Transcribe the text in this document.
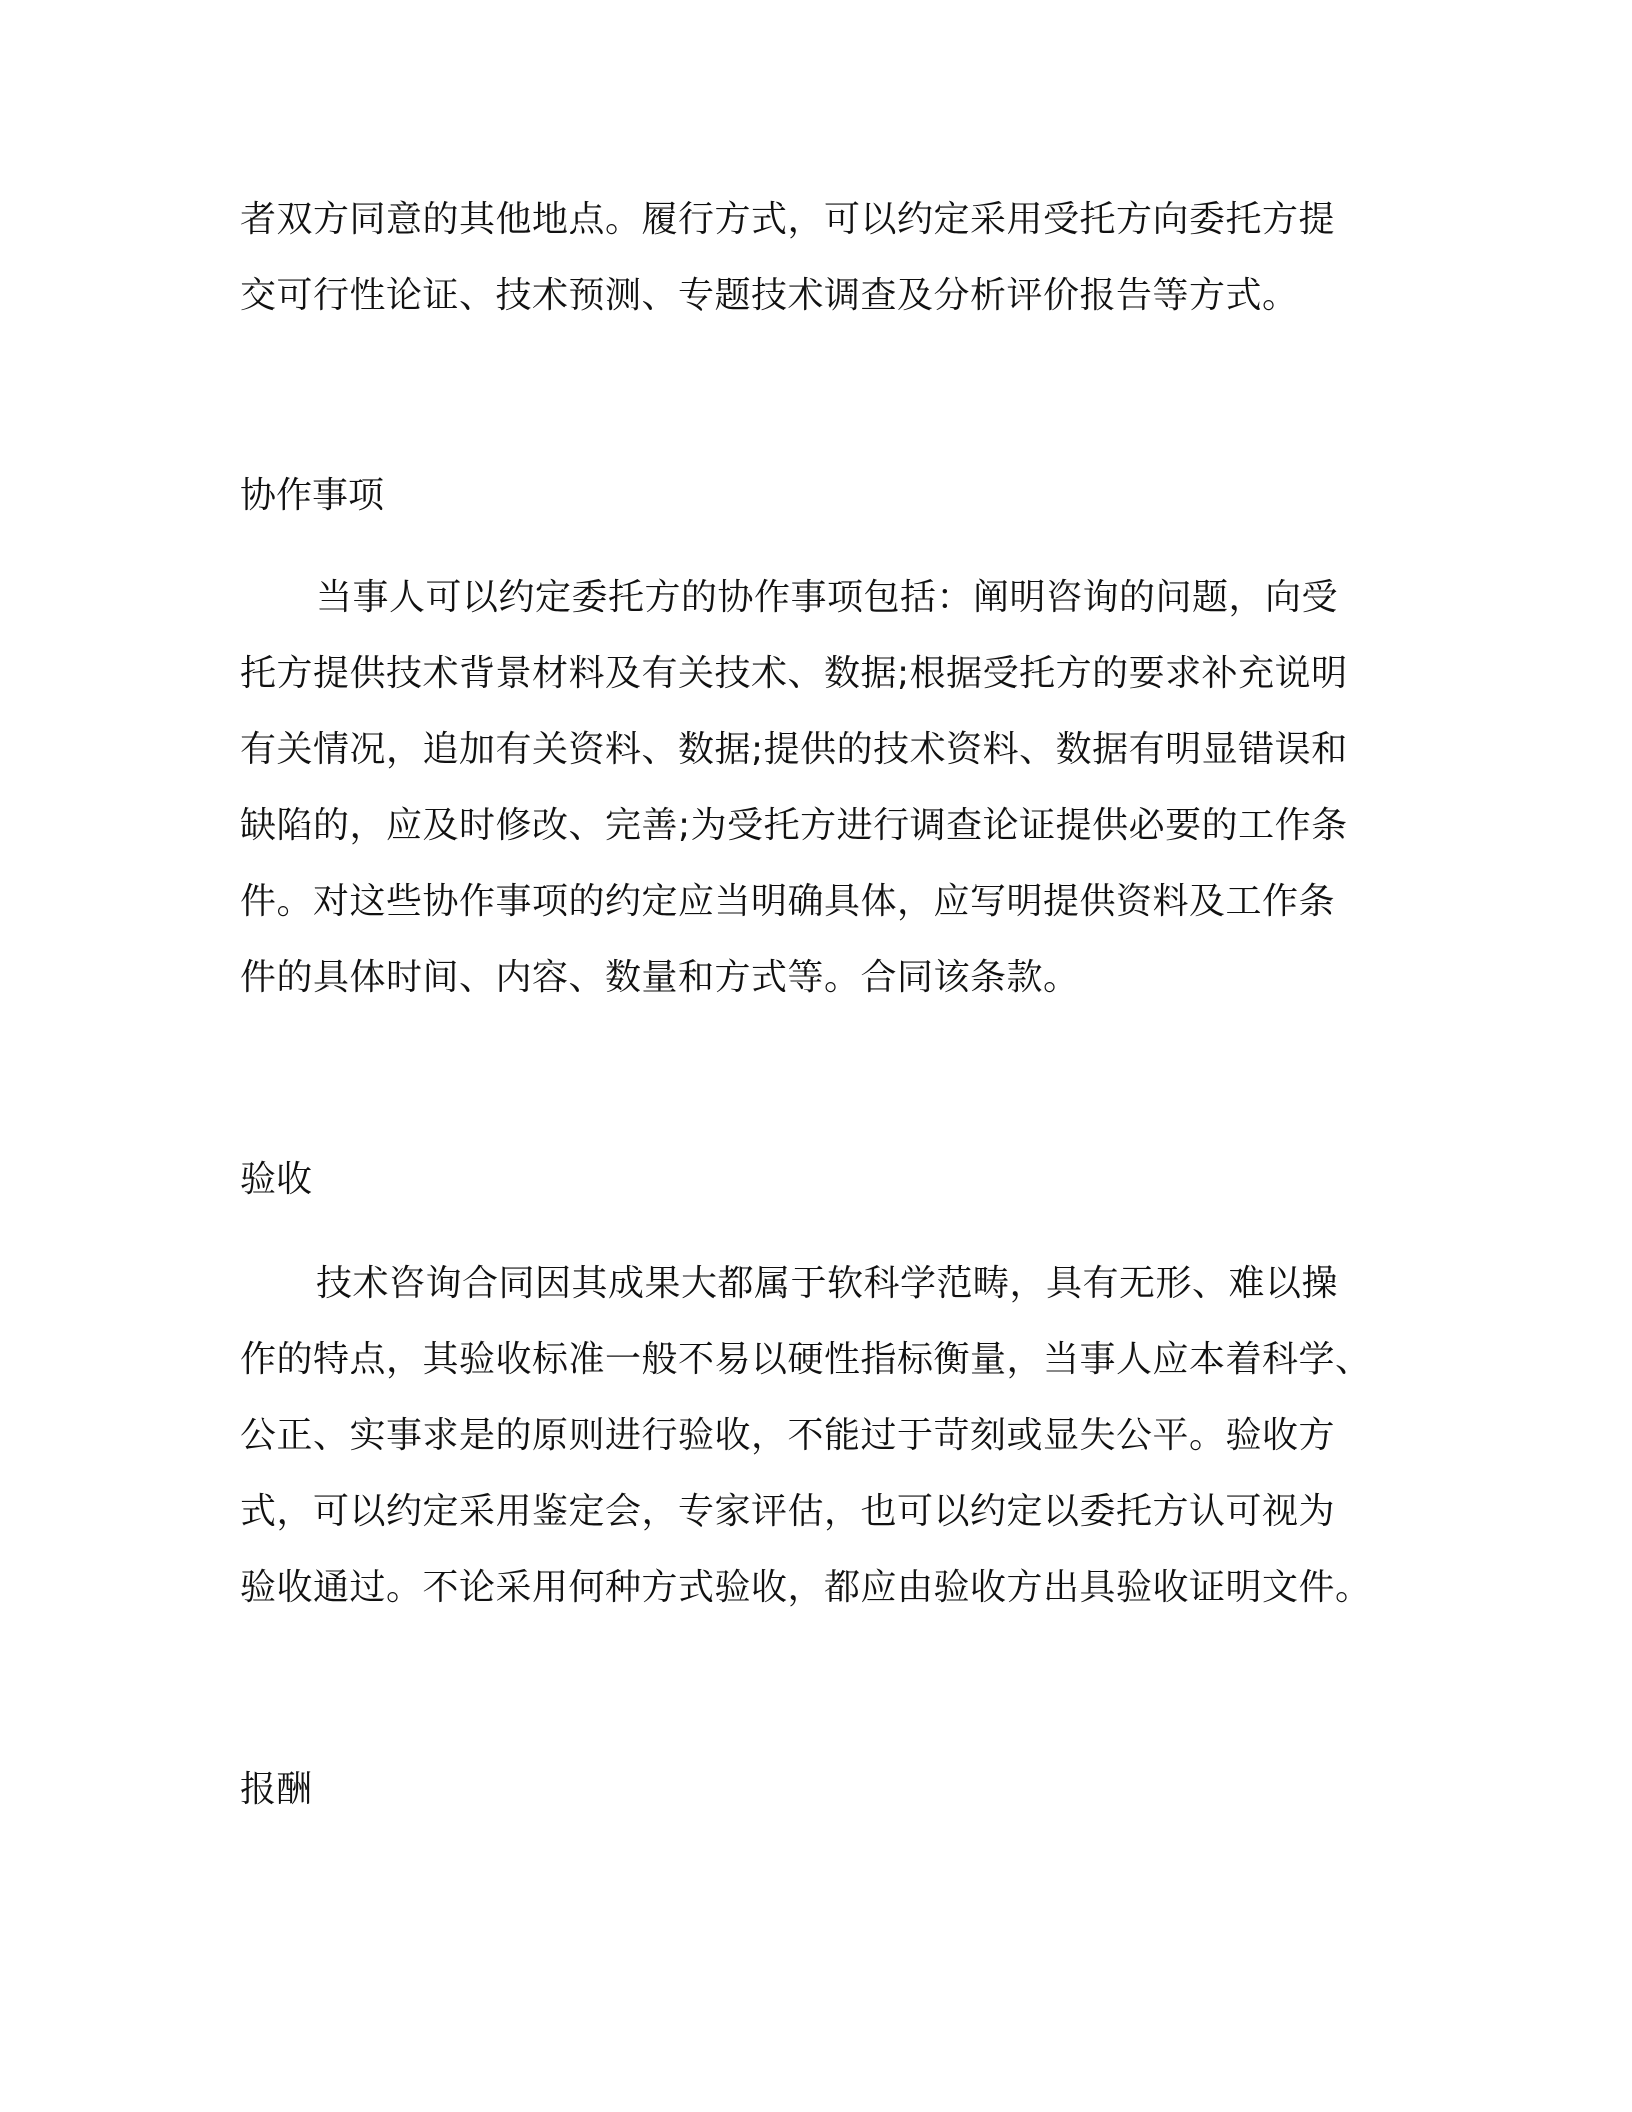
者双方同意的其他地点。履行方式，可以约定采用受托方向委托方提
交可行性论证、技术预测、专题技术调查及分析评价报告等方式。
协作事项
当事人可以约定委托方的协作事项包括：阐明咨询的问题，向受
托方提供技术背景材料及有关技术、数据;根据受托方的要求补充说明
有关情况，追加有关资料、数据;提供的技术资料、数据有明显错误和
缺陷的，应及时修改、完善;为受托方进行调查论证提供必要的工作条
件。对这些协作事项的约定应当明确具体，应写明提供资料及工作条
件的具体时间、内容、数量和方式等。合同该条款。
验收
技术咨询合同因其成果大都属于软科学范畴，具有无形、难以操
作的特点，其验收标准一般不易以硬性指标衡量，当事人应本着科学、
公正、实事求是的原则进行验收，不能过于苛刻或显失公平。验收方
式，可以约定采用鉴定会，专家评估，也可以约定以委托方认可视为
验收通过。不论采用何种方式验收，都应由验收方出具验收证明文件。
报酬
